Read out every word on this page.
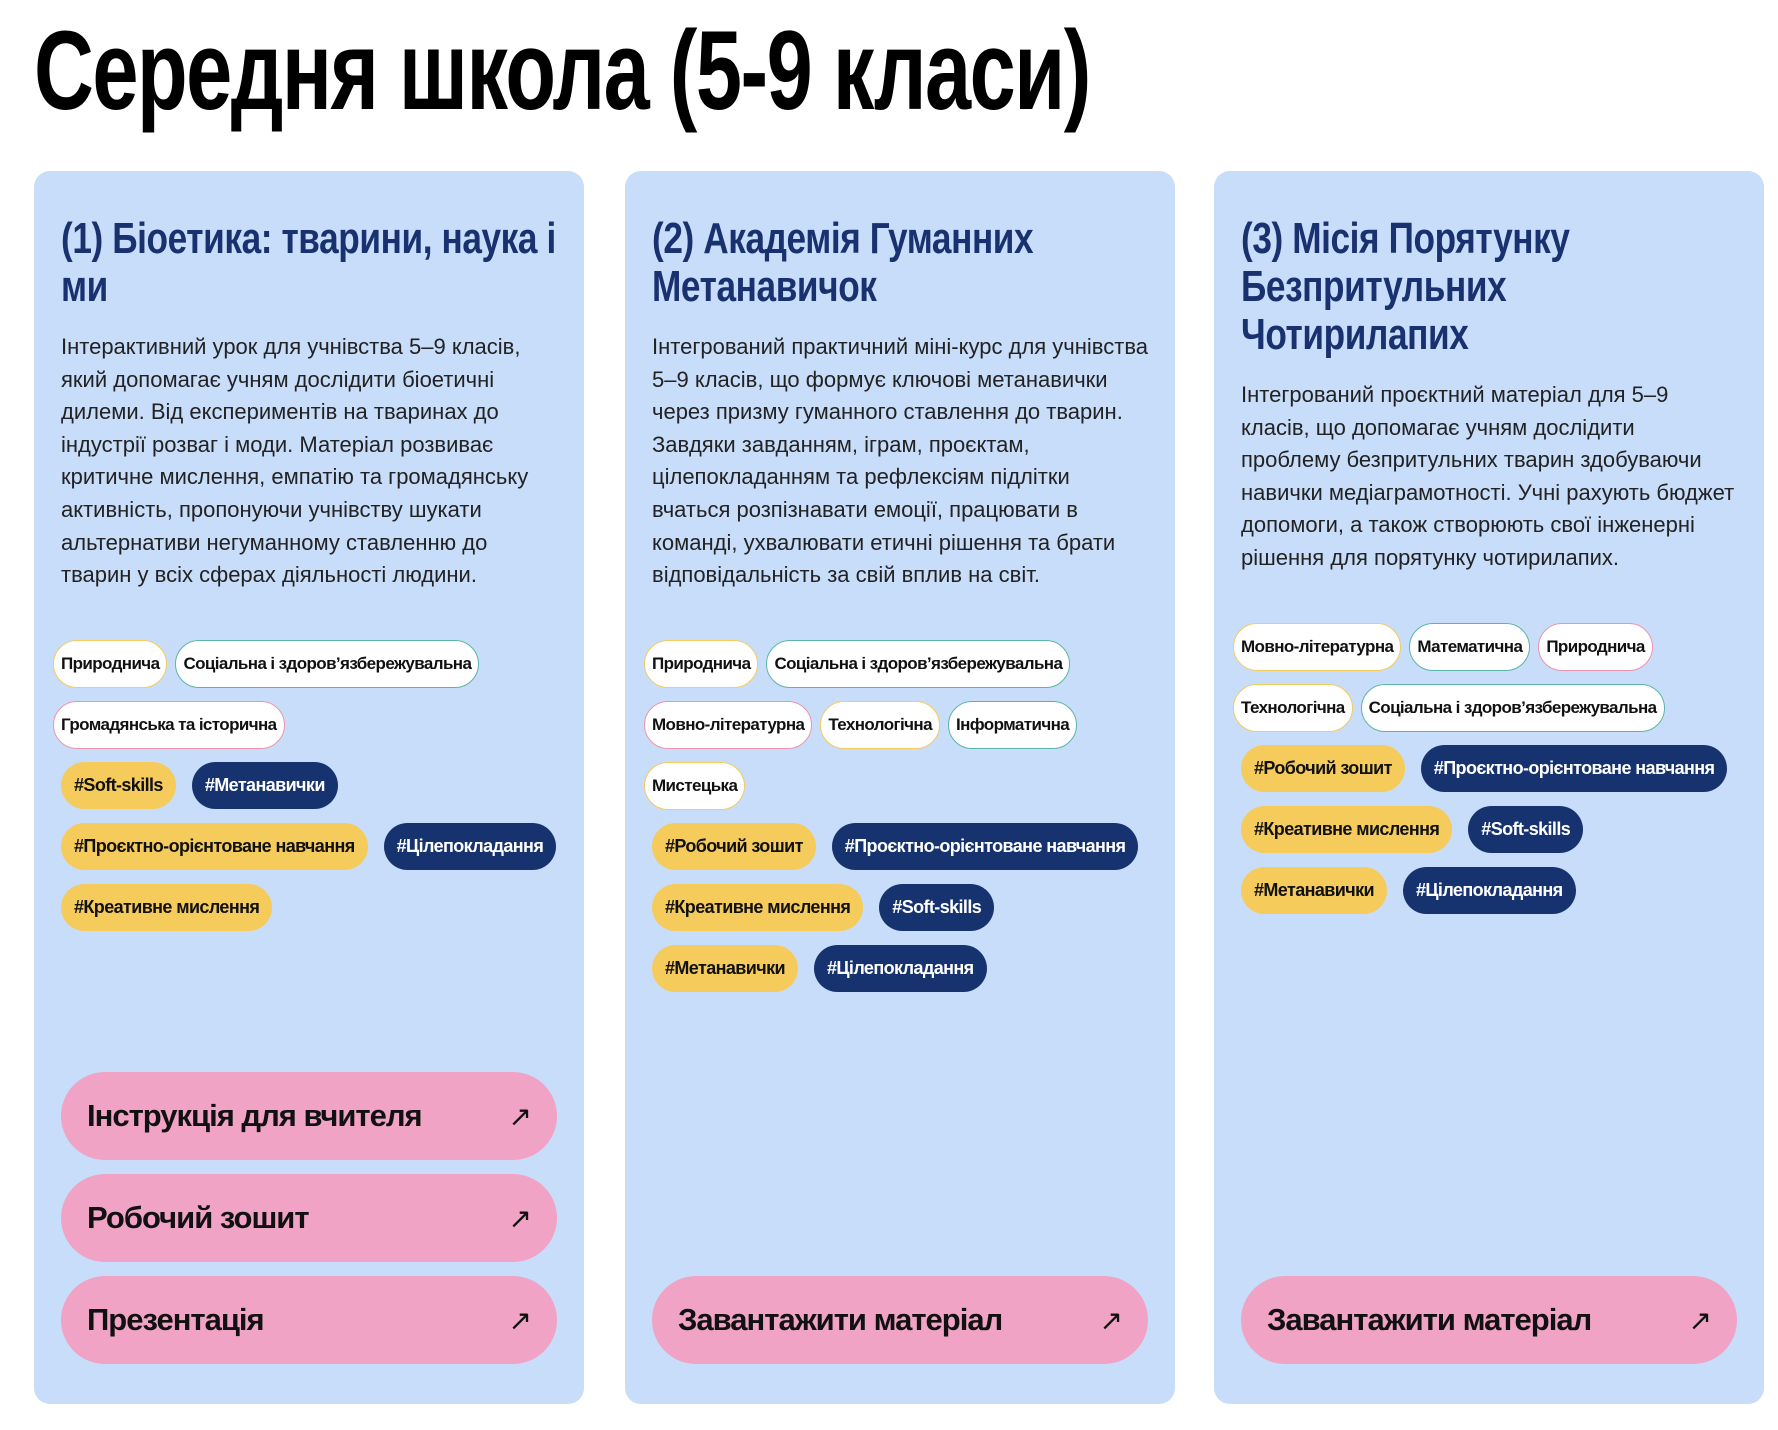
Середня школа (5-9 класи)
(1) Біоетика: тварини, наука і ми

Інтерактивний урок для учнівства 5–9 класів, який допомагає учням дослідити біоетичні дилеми. Від експериментів на тваринах до індустрії розваг і моди. Матеріал розвиває критичне мислення, емпатію та громадянську активність, пропонуючи учнівству шукати альтернативи негуманному ставленню до тварин у всіх сферах діяльності людини.

Природнича	Соціальна і здоров’язбережувальна
Громадянська та історична
#Soft-skills	#Метанавички
#Проєктно-орієнтоване навчання	#Цілепокладання
#Креативне мислення
Інструкція для вчителя	↗
Робочий зошит	↗
Презентація	↗
(2) Академія Гуманних Метанавичок

Інтегрований практичний міні-курс для учнівства 5–9 класів, що формує ключові метанавички через призму гуманного ставлення до тварин. Завдяки завданням, іграм, проєктам, цілепокладанням та рефлексіям підлітки вчаться розпізнавати емоції, працювати в команді, ухвалювати етичні рішення та брати відповідальність за свій вплив на світ.

Природнича	Соціальна і здоров’язбережувальна
Мовно-літературна	Технологічна	Інформатична
Мистецька
#Робочий зошит	#Проєктно-орієнтоване навчання
#Креативне мислення	#Soft-skills
#Метанавички	#Цілепокладання
Завантажити матеріал	↗
(3) Місія Порятунку Безпритульних Чотирилапих

Інтегрований проєктний матеріал для 5–9 класів, що допомагає учням дослідити проблему безпритульних тварин здобуваючи навички медіаграмотності. Учні рахують бюджет допомоги, а також створюють свої інженерні рішення для порятунку чотирилапих.

Мовно-літературна	Математична	Природнича
Технологічна	Соціальна і здоров’язбережувальна
#Робочий зошит	#Проєктно-орієнтоване навчання
#Креативне мислення	#Soft-skills
#Метанавички	#Цілепокладання
Завантажити матеріал	↗
